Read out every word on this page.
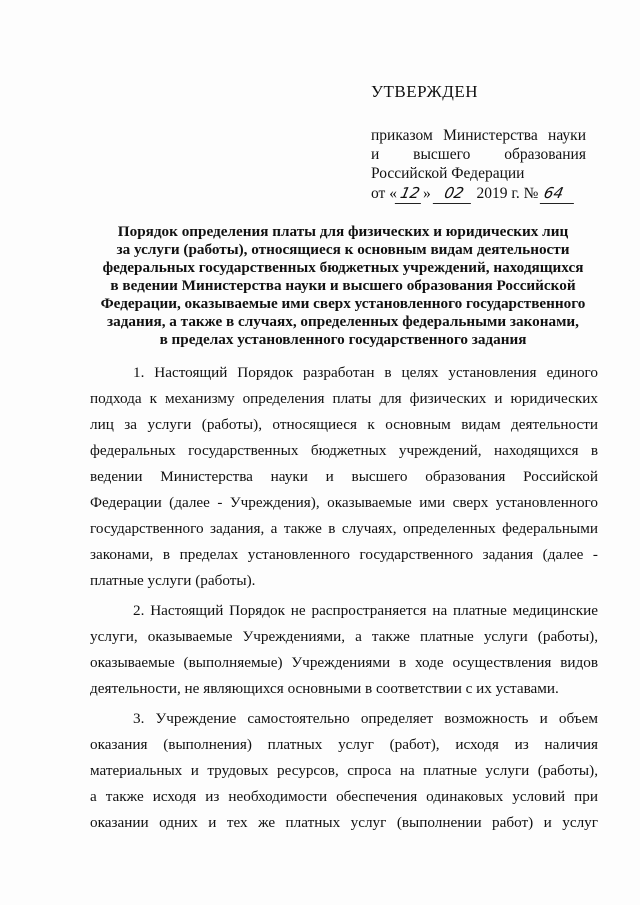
УТВЕРЖДЕН
приказом Министерства науки
и высшего образования
Российской Федерации
от « 12» 02 2019 г. № 64
Порядок определения платы для физических и юридических лиц
за услуги (работы), относящиеся к основным видам деятельности
федеральных государственных бюджетных учреждений, находящихся
в ведении Министерства науки и высшего образования Российской
Федерации, оказываемые ими сверх установленного государственного
задания, а также в случаях, определенных федеральными законами,
в пределах установленного государственного задания
1. Настоящий Порядок разработан в целях установления единого
подхода к механизму определения платы для физических и юридических
лиц за услуги (работы), относящиеся к основным видам деятельности
федеральных государственных бюджетных учреждений, находящихся в
ведении Министерства науки и высшего образования Российской
Федерации (далее - Учреждения), оказываемые ими сверх установленного
государственного задания, а также в случаях, определенных федеральными
законами, в пределах установленного государственного задания (далее -
платные услуги (работы).
2. Настоящий Порядок не распространяется на платные медицинские
услуги, оказываемые Учреждениями, а также платные услуги (работы),
оказываемые (выполняемые) Учреждениями в ходе осуществления видов
деятельности, не являющихся основными в соответствии с их уставами.
3. Учреждение самостоятельно определяет возможность и объем
оказания (выполнения) платных услуг (работ), исходя из наличия
материальных и трудовых ресурсов, спроса на платные услуги (работы),
а также исходя из необходимости обеспечения одинаковых условий при
оказании одних и тех же платных услуг (выполнении работ) и услуг
